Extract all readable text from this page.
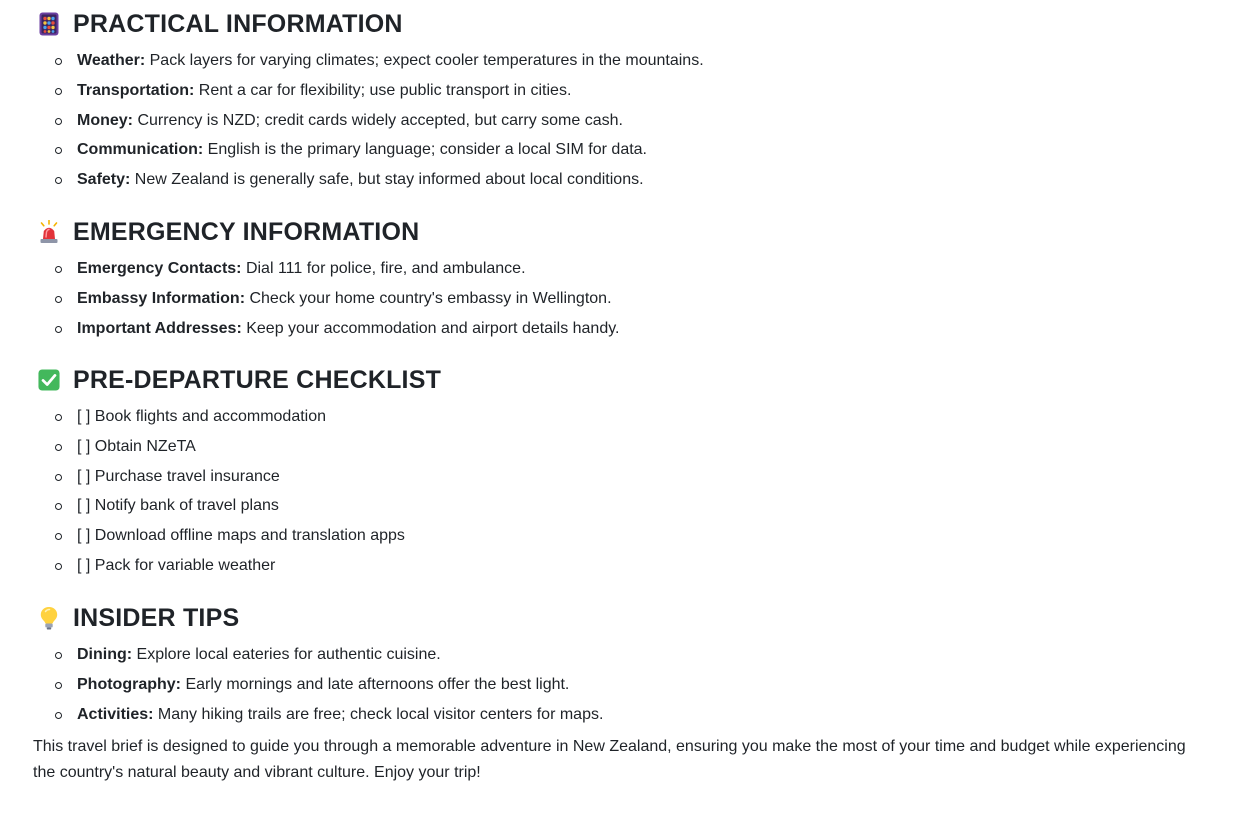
PRACTICAL INFORMATION
Weather: Pack layers for varying climates; expect cooler temperatures in the mountains.
Transportation: Rent a car for flexibility; use public transport in cities.
Money: Currency is NZD; credit cards widely accepted, but carry some cash.
Communication: English is the primary language; consider a local SIM for data.
Safety: New Zealand is generally safe, but stay informed about local conditions.
EMERGENCY INFORMATION
Emergency Contacts: Dial 111 for police, fire, and ambulance.
Embassy Information: Check your home country's embassy in Wellington.
Important Addresses: Keep your accommodation and airport details handy.
PRE-DEPARTURE CHECKLIST
[ ] Book flights and accommodation
[ ] Obtain NZeTA
[ ] Purchase travel insurance
[ ] Notify bank of travel plans
[ ] Download offline maps and translation apps
[ ] Pack for variable weather
INSIDER TIPS
Dining: Explore local eateries for authentic cuisine.
Photography: Early mornings and late afternoons offer the best light.
Activities: Many hiking trails are free; check local visitor centers for maps.

This travel brief is designed to guide you through a memorable adventure in New Zealand, ensuring you make the most of your time and budget while experiencing the country's natural beauty and vibrant culture. Enjoy your trip!
